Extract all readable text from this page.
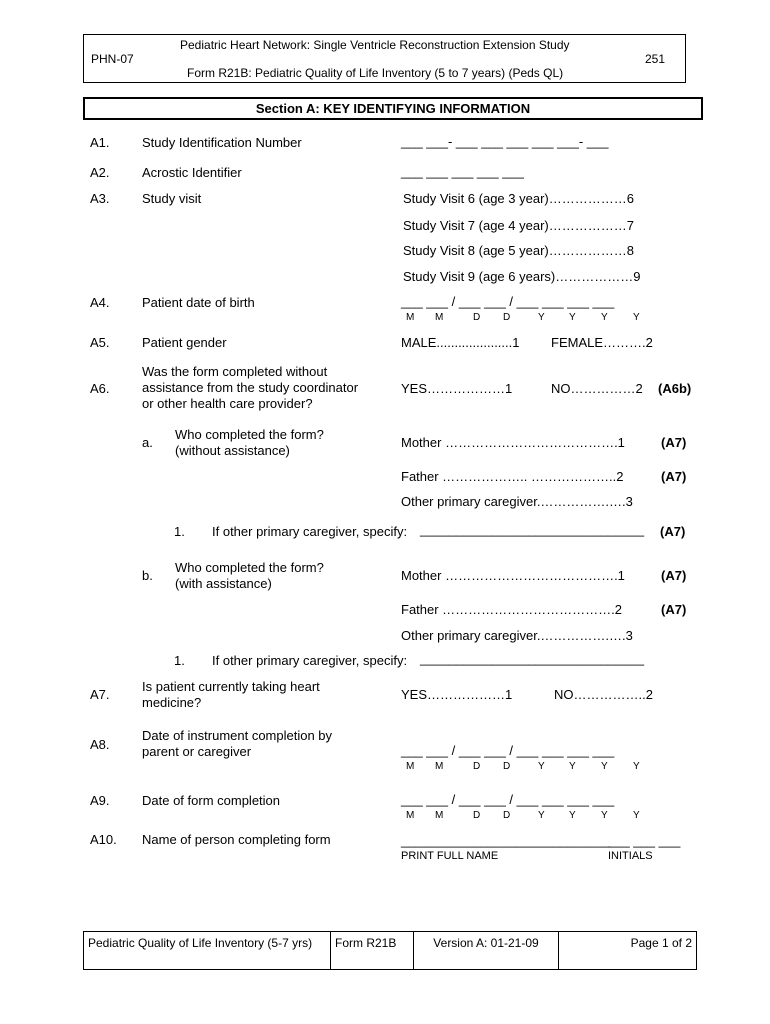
PHN-07
Pediatric Heart Network: Single Ventricle Reconstruction Extension Study
Form R21B: Pediatric Quality of Life Inventory (5 to 7 years) (Peds QL)
251
Section A: KEY IDENTIFYING INFORMATION
A1. Study Identification Number	___ ___- ___ ___ ___ ___ ___- ___
A2. Acrostic Identifier	___ ___ ___ ___ ___
A3. Study visit	Study Visit 6 (age 3 year)………………6
Study Visit 7 (age 4 year)………………7
Study Visit 8 (age 5 year)………………8
Study Visit 9 (age 6 years)………………9
A4. Patient date of birth	___ ___ / ___ ___ / ___ ___ ___ ___
M M	D D	Y Y	Y	Y
A5. Patient gender	MALE.....................1 FEMALE……….2
A6.
Was the form completed without
assistance from the study coordinator
or other health care provider?
YES………………1	NO……………2 (A6b)
a.
Who completed the form?
(without assistance)
Mother ………………………………….1	(A7)
Father ……………….. ………………..2	(A7)
Other primary caregiver.…………….….3
1. If other primary caregiver, specify: _______________________________ (A7)
b.
Who completed the form?
(with assistance)
Mother ………………………………….1	(A7)
Father ………………………………….2	(A7)
Other primary caregiver.…………….….3
1. If other primary caregiver, specify: _______________________________
A7.
Is patient currently taking heart
medicine?
YES………………1	NO……………..2
A8.
Date of instrument completion by
parent or caregiver	___ ___ / ___ ___ / ___ ___ ___ ___
M M	D D	Y Y	Y	Y
A9. Date of form completion	___ ___ / ___ ___ / ___ ___ ___ ___
M M	D D	Y Y	Y	Y
A10. Name of person completing form	_____________________________
___ ___ ___
PRINT FULL NAME	INITIALS
Pediatric Quality of Life Inventory (5-7 yrs)	Form R21B	Version A: 01-21-09	Page 1 of 2
